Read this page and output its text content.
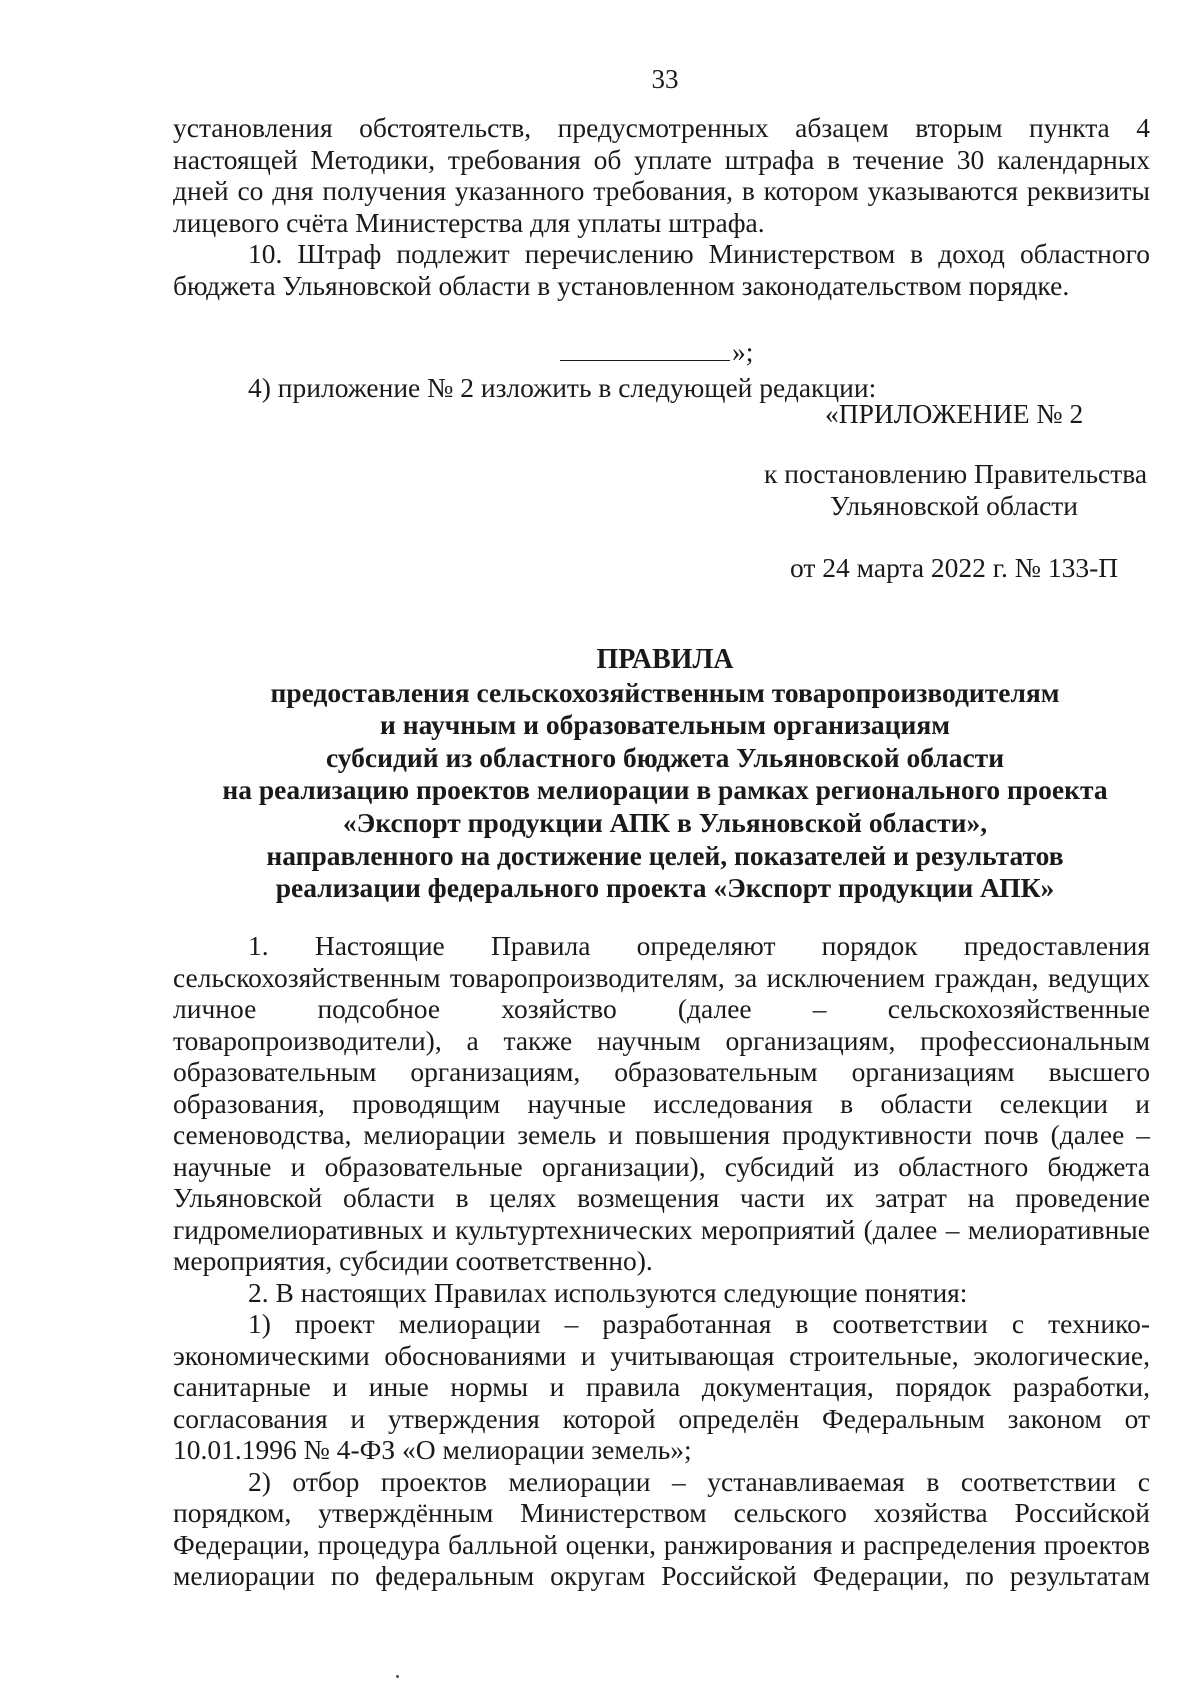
33

установления обстоятельств, предусмотренных абзацем вторым пункта 4 настоящей Методики, требования об уплате штрафа в течение 30 календарных дней со дня получения указанного требования, в котором указываются реквизиты лицевого счёта Министерства для уплаты штрафа.

10. Штраф подлежит перечислению Министерством в доход областного бюджета Ульяновской области в установленном законодательством порядке.

»;
4) приложение № 2 изложить в следующей редакции:
«ПРИЛОЖЕНИЕ № 2
к постановлению Правительства
Ульяновской области
от 24 марта 2022 г. № 133-П
ПРАВИЛА
предоставления сельскохозяйственным товаропроизводителям
и научным и образовательным организациям
субсидий из областного бюджета Ульяновской области
на реализацию проектов мелиорации в рамках регионального проекта
«Экспорт продукции АПК в Ульяновской области»,
направленного на достижение целей, показателей и результатов
реализации федерального проекта «Экспорт продукции АПК»

1. Настоящие Правила определяют порядок предоставления сельскохозяйственным товаропроизводителям, за исключением граждан, ведущих личное подсобное хозяйство (далее – сельскохозяйственные товаропроизводители), а также научным организациям, профессиональным образовательным организациям, образовательным организациям высшего образования, проводящим научные исследования в области селекции и семеноводства, мелиорации земель и повышения продуктивности почв (далее – научные и образовательные организации), субсидий из областного бюджета Ульяновской области в целях возмещения части их затрат на проведение гидромелиоративных и культуртехнических мероприятий (далее – мелиоративные мероприятия, субсидии соответственно).

2. В настоящих Правилах используются следующие понятия:

1) проект мелиорации – разработанная в соответствии с технико-экономическими обоснованиями и учитывающая строительные, экологические, санитарные и иные нормы и правила документация, порядок разработки, согласования и утверждения которой определён Федеральным законом от 10.01.1996 № 4-ФЗ «О мелиорации земель»;

2) отбор проектов мелиорации – устанавливаемая в соответствии с порядком, утверждённым Министерством сельского хозяйства Российской Федерации, процедура балльной оценки, ранжирования и распределения проектов мелиорации по федеральным округам Российской Федерации, по результатам
